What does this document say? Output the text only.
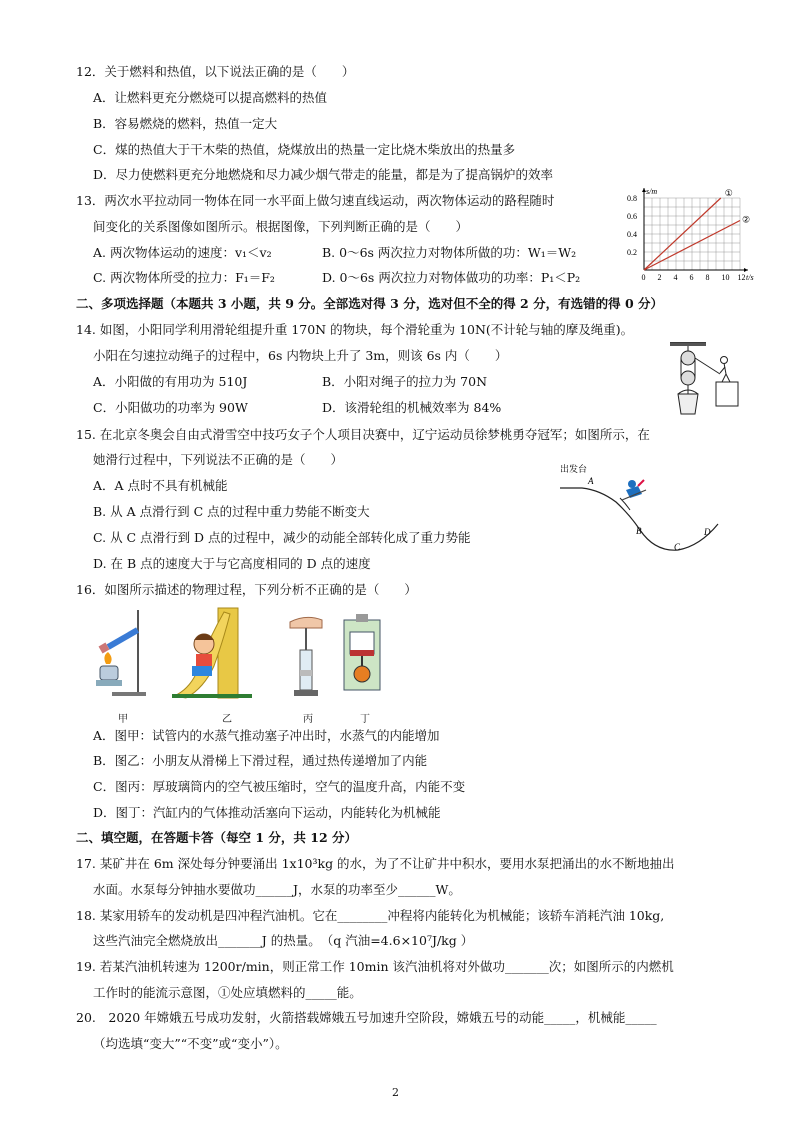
12．关于燃料和热值，以下说法正确的是（　　）
A．让燃料更充分燃烧可以提高燃料的热值
B．容易燃烧的燃料，热值一定大
C．煤的热值大于干木柴的热值，烧煤放出的热量一定比烧木柴放出的热量多
D．尽力使燃料更充分地燃烧和尽力减少烟气带走的能量，都是为了提高锅炉的效率
13．两次水平拉动同一物体在同一水平面上做匀速直线运动，两次物体运动的路程随时
间变化的关系图像如图所示。根据图像，下列判断正确的是（　　）
A. 两次物体运动的速度：v₁＜v₂	B. 0～6s 两次拉力对物体所做的功：W₁＝W₂
C. 两次物体所受的拉力：F₁＝F₂	D. 0～6s 两次拉力对物体做功的功率：P₁＜P₂
①
②
0 2 4 6 8 10 12
0.2
0.4
0.6
0.8
t/s
s/m
二、多项选择题（本题共 3 小题，共 9 分。全部选对得 3 分，选对但不全的得 2 分，有选错的得 0 分）
14. 如图，小阳同学利用滑轮组提升重 170N 的物块，每个滑轮重为 10N(不计轮与轴的摩及绳重)。
小阳在匀速拉动绳子的过程中，6s 内物块上升了 3m，则该 6s 内（　　）
A．小阳做的有用功为 510J	B．小阳对绳子的拉力为 70N
C．小阳做功的功率为 90W	D．该滑轮组的机械效率为 84%
15. 在北京冬奥会自由式滑雪空中技巧女子个人项目决赛中，辽宁运动员徐梦桃勇夺冠军；如图所示，在
她滑行过程中，下列说法不正确的是（　　）
A．A 点时不具有机械能
B. 从 A 点滑行到 C 点的过程中重力势能不断变大
C. 从 C 点滑行到 D 点的过程中，减少的动能全部转化成了重力势能
D. 在 B 点的速度大于与它高度相同的 D 点的速度
出发台
A
B
C
D
16．如图所示描述的物理过程，下列分析不正确的是（　　）
甲	乙	丙	丁
A．图甲：试管内的水蒸气推动塞子冲出时，水蒸气的内能增加
B．图乙：小朋友从滑梯上下滑过程，通过热传递增加了内能
C．图丙：厚玻璃筒内的空气被压缩时，空气的温度升高，内能不变
D．图丁：汽缸内的气体推动活塞向下运动，内能转化为机械能
二、填空题，在答题卡答（每空 1 分，共 12 分）
17. 某矿井在 6m 深处每分钟要涌出 1x10³kg 的水，为了不让矿井中积水，要用水泵把涌出的水不断地抽出
水面。水泵每分钟抽水要做功______J，水泵的功率至少______W。
18. 某家用轿车的发动机是四冲程汽油机。它在________冲程将内能转化为机械能；该轿车消耗汽油 10kg,
这些汽油完全燃烧放出_______J 的热量。　（q 汽油=4.6×10⁷J/kg ）
19. 若某汽油机转速为 1200r/min，则正常工作 10min 该汽油机将对外做功_______次；如图所示的内燃机
工作时的能流示意图，①处应填燃料的_____能。
20.　2020 年嫦娥五号成功发射，火箭搭载嫦娥五号加速升空阶段，嫦娥五号的动能_____，机械能_____
（均选填“变大”“不变”或“变小”）。
2
